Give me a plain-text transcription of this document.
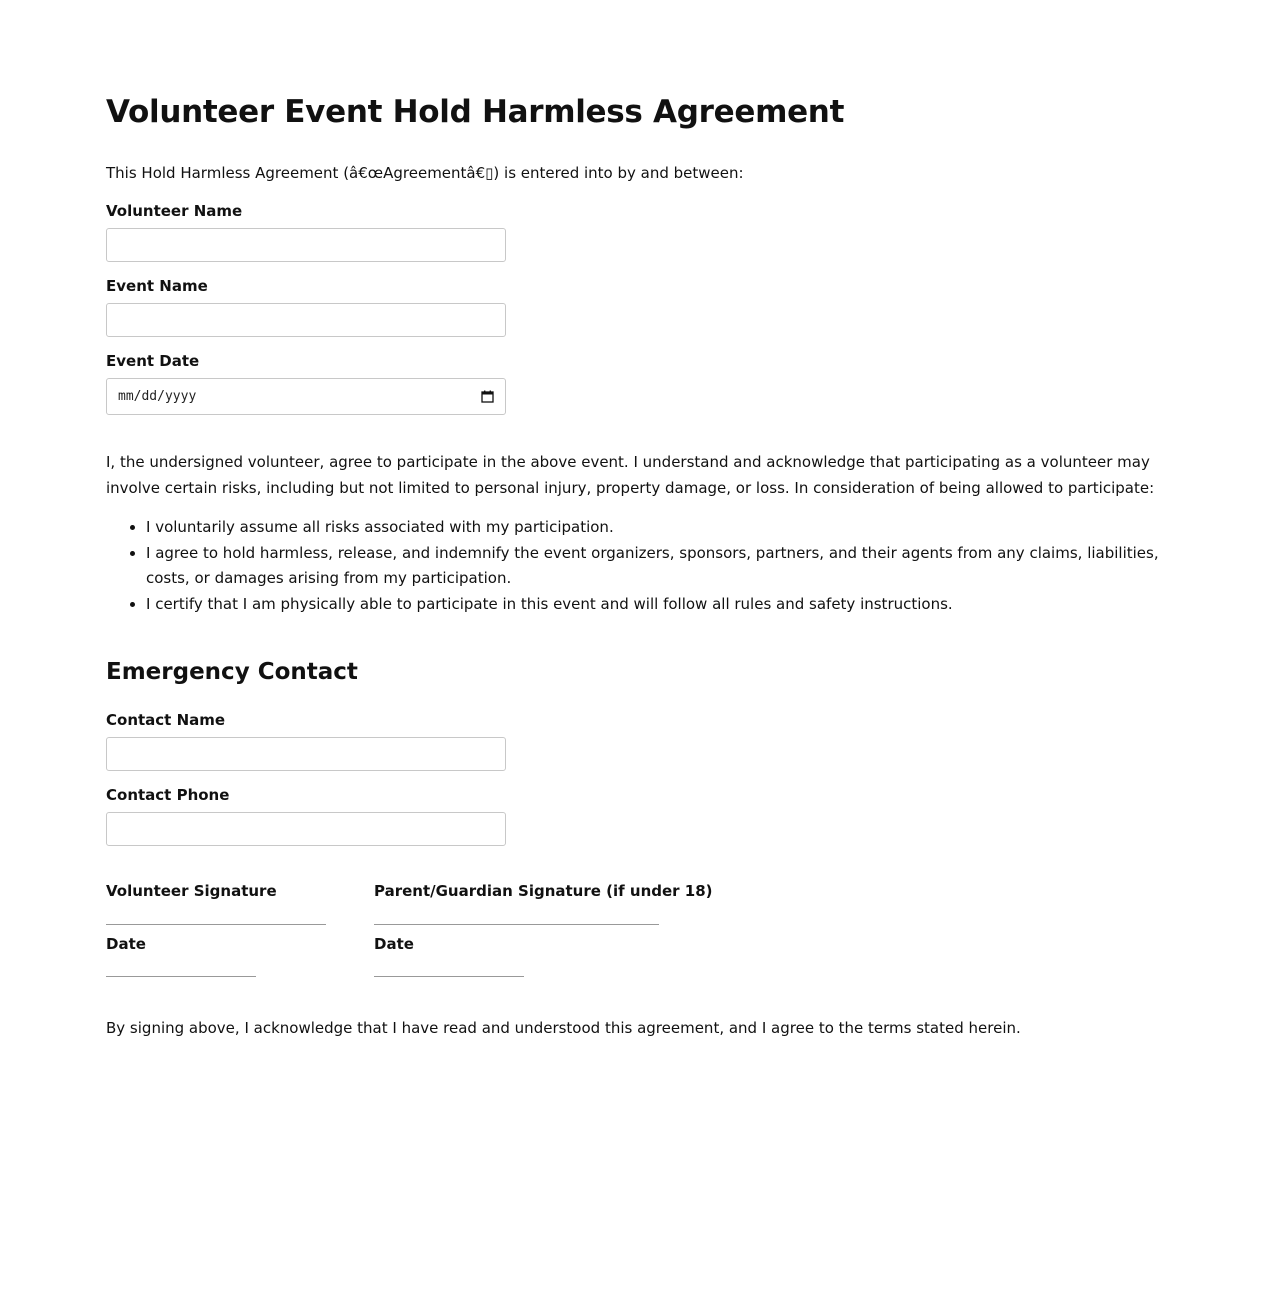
Volunteer Event Hold Harmless Agreement

This Hold Harmless Agreement (â€œAgreementâ€▯) is entered into by and between:

Volunteer Name
Event Name
Event Date
mm/dd/yyyy

I, the undersigned volunteer, agree to participate in the above event. I understand and acknowledge that participating as a volunteer may involve certain risks, including but not limited to personal injury, property damage, or loss. In consideration of being allowed to participate:

• I voluntarily assume all risks associated with my participation.
• I agree to hold harmless, release, and indemnify the event organizers, sponsors, partners, and their agents from any claims, liabilities, costs, or damages arising from my participation.
• I certify that I am physically able to participate in this event and will follow all rules and safety instructions.
Emergency Contact
Contact Name
Contact Phone

Volunteer Signature

Date

Parent/Guardian Signature (if under 18)

Date

By signing above, I acknowledge that I have read and understood this agreement, and I agree to the terms stated herein.
